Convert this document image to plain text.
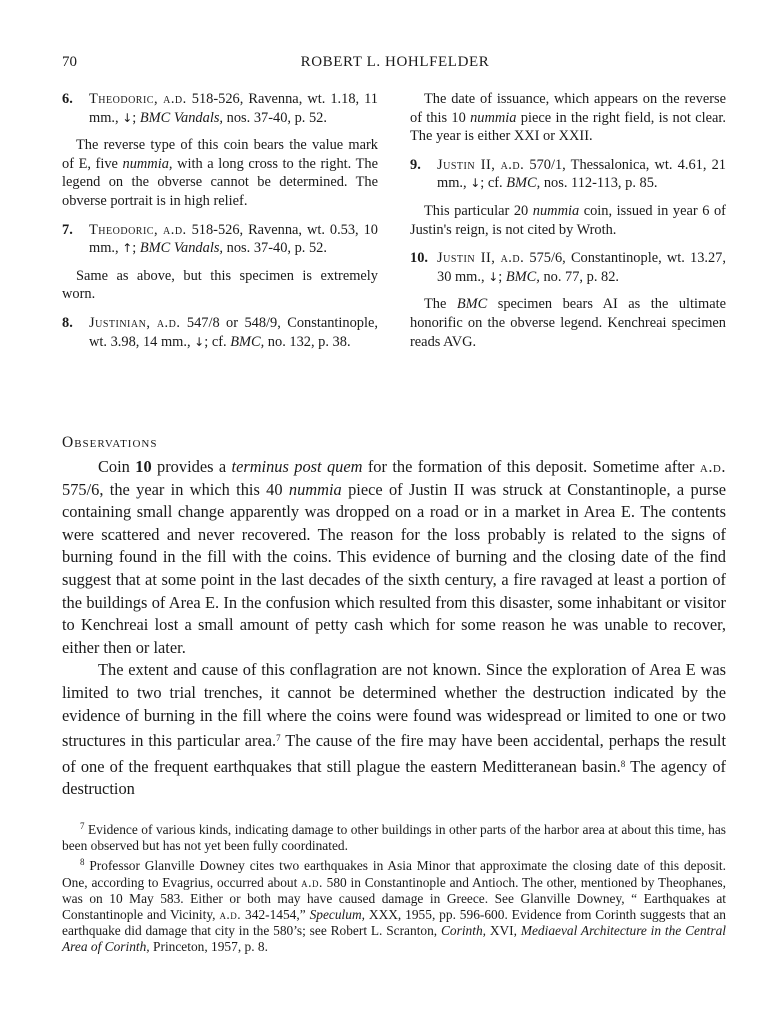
70	ROBERT L. HOHLFELDER
6. Theodoric, a.d. 518-526, Ravenna, wt. 1.18, 11 mm., ↓; BMC Vandals, nos. 37-40, p. 52.

The reverse type of this coin bears the value mark of E, five nummia, with a long cross to the right. The legend on the obverse cannot be determined. The obverse portrait is in high relief.

7. Theodoric, a.d. 518-526, Ravenna, wt. 0.53, 10 mm., ↑; BMC Vandals, nos. 37-40, p. 52.

Same as above, but this specimen is extremely worn.

8. Justinian, a.d. 547/8 or 548/9, Constantinople, wt. 3.98, 14 mm., ↓; cf. BMC, no. 132, p. 38.

The date of issuance, which appears on the reverse of this 10 nummia piece in the right field, is not clear. The year is either XXI or XXII.

9. Justin II, a.d. 570/1, Thessalonica, wt. 4.61, 21 mm., ↓; cf. BMC, nos. 112-113, p. 85.

This particular 20 nummia coin, issued in year 6 of Justin's reign, is not cited by Wroth.

10. Justin II, a.d. 575/6, Constantinople, wt. 13.27, 30 mm., ↓; BMC, no. 77, p. 82.

The BMC specimen bears AI as the ultimate honorific on the obverse legend. Kenchreai specimen reads AVG.

Observations

Coin 10 provides a terminus post quem for the formation of this deposit. Sometime after a.d. 575/6, the year in which this 40 nummia piece of Justin II was struck at Constantinople, a purse containing small change apparently was dropped on a road or in a market in Area E. The contents were scattered and never recovered. The reason for the loss probably is related to the signs of burning found in the fill with the coins. This evidence of burning and the closing date of the find suggest that at some point in the last decades of the sixth century, a fire ravaged at least a portion of the buildings of Area E. In the confusion which resulted from this disaster, some inhabitant or visitor to Kenchreai lost a small amount of petty cash which for some reason he was unable to recover, either then or later.

The extent and cause of this conflagration are not known. Since the exploration of Area E was limited to two trial trenches, it cannot be determined whether the destruction indicated by the evidence of burning in the fill where the coins were found was widespread or limited to one or two structures in this particular area.$^7$ The cause of the fire may have been accidental, perhaps the result of one of the frequent earthquakes that still plague the eastern Meditteranean basin.$^8$ The agency of destruction

$^7$ Evidence of various kinds, indicating damage to other buildings in other parts of the harbor area at about this time, has been observed but has not yet been fully coordinated.

$^8$ Professor Glanville Downey cites two earthquakes in Asia Minor that approximate the closing date of this deposit. One, according to Evagrius, occurred about a.d. 580 in Constantinople and Antioch. The other, mentioned by Theophanes, was on 10 May 583. Either or both may have caused damage in Greece. See Glanville Downey, “ Earthquakes at Constantinople and Vicinity, a.d. 342-1454,” Speculum, XXX, 1955, pp. 596-600. Evidence from Corinth suggests that an earthquake did damage that city in the 580’s; see Robert L. Scranton, Corinth, XVI, Mediaeval Architecture in the Central Area of Corinth, Princeton, 1957, p. 8.
